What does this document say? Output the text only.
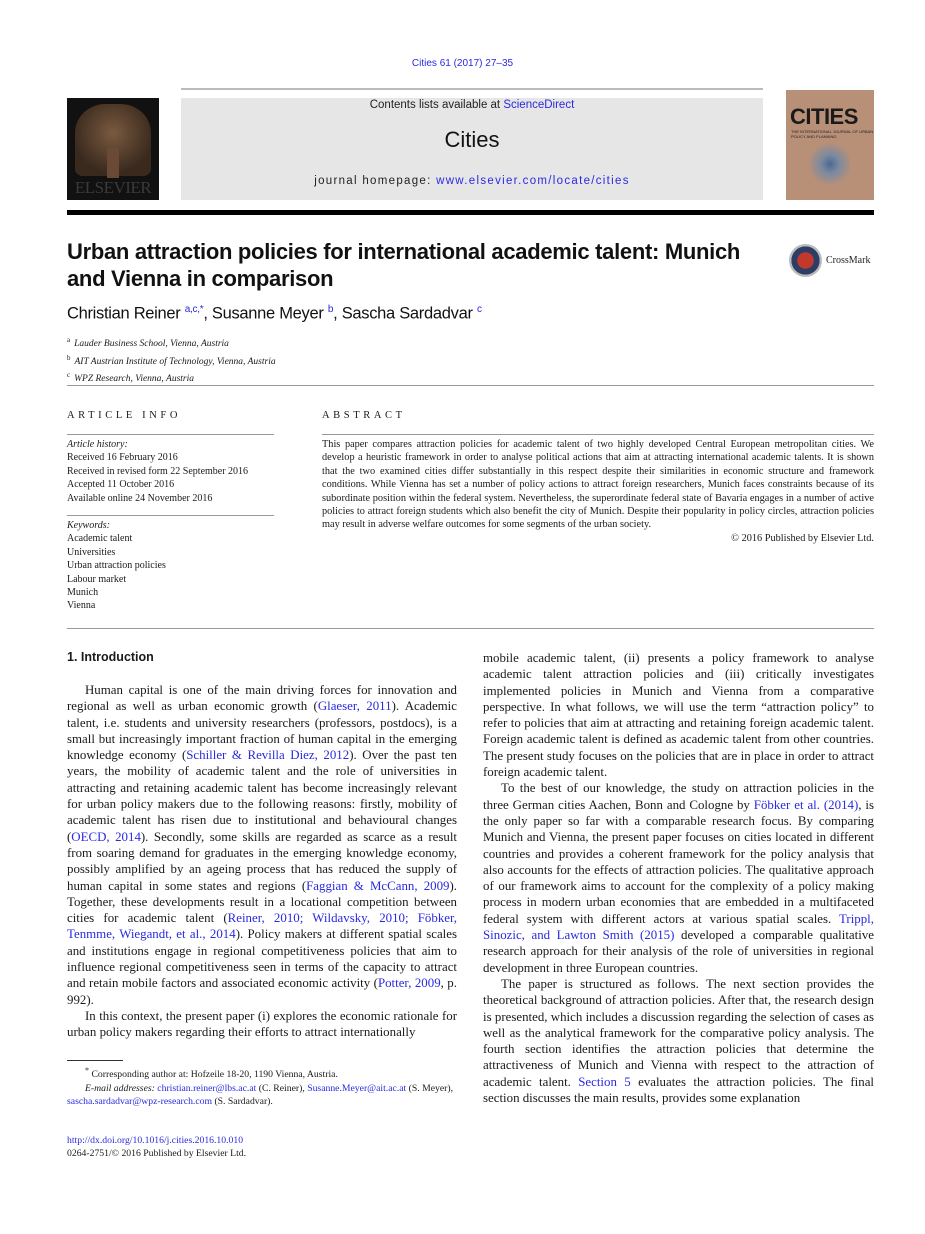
Cities 61 (2017) 27–35
ELSEVIER
Contents lists available at ScienceDirect
Cities
journal homepage: www.elsevier.com/locate/cities
CITIES
THE INTERNATIONAL JOURNAL OF URBAN POLICY AND PLANNING
Urban attraction policies for international academic talent: Munich and Vienna in comparison
CrossMark
Christian Reiner $^{a,c,*}$, Susanne Meyer $^b$, Sascha Sardadvar $^c$
$^a$ Lauder Business School, Vienna, Austria
$^b$ AIT Austrian Institute of Technology, Vienna, Austria
$^c$ WPZ Research, Vienna, Austria
ARTICLE INFO	ABSTRACT
Article history:
Received 16 February 2016
Received in revised form 22 September 2016
Accepted 11 October 2016
Available online 24 November 2016
Keywords:
Academic talent
Universities
Urban attraction policies
Labour market
Munich
Vienna

This paper compares attraction policies for academic talent of two highly developed Central European metropolitan cities. We develop a heuristic framework in order to analyse political actions that aim at attracting international academic talents. It is shown that the two examined cities differ substantially in this respect despite their similarities in economic structure and framework conditions. While Vienna has set a number of policy actions to attract foreign researchers, Munich faces constraints because of its subordinate position within the federal system. Nevertheless, the superordinate federal state of Bavaria engages in a number of active policies to attract foreign students which also benefit the city of Munich. Despite their popularity in policy circles, attraction policies may result in adverse welfare outcomes for some segments of the urban society.

© 2016 Published by Elsevier Ltd.

1. Introduction

Human capital is one of the main driving forces for innovation and regional as well as urban economic growth (Glaeser, 2011). Academic talent, i.e. students and university researchers (professors, postdocs), is a small but increasingly important fraction of human capital in the emerging knowledge economy (Schiller & Revilla Diez, 2012). Over the past ten years, the mobility of academic talent and the role of universities in attracting and retaining academic talent has become increasingly relevant for urban policy makers due to the following reasons: firstly, mobility of academic talent has risen due to institutional and behavioural changes (OECD, 2014). Secondly, some skills are regarded as scarce as a result from soaring demand for graduates in the emerging knowledge economy, possibly amplified by an ageing process that has reduced the supply of human capital in some states and regions (Faggian & McCann, 2009). Together, these developments result in a locational competition between cities for academic talent (Reiner, 2010; Wildavsky, 2010; Föbker, Tenmme, Wiegandt, et al., 2014). Policy makers at different spatial scales and institutions engage in regional competitiveness policies that aim to influence regional competitiveness seen in terms of the capacity to attract and retain mobile factors and associated economic activity (Potter, 2009, p. 992).

In this context, the present paper (i) explores the economic rationale for urban policy makers regarding their efforts to attract internationally

mobile academic talent, (ii) presents a policy framework to analyse academic talent attraction policies and (iii) critically investigates implemented policies in Munich and Vienna from a comparative perspective. In what follows, we will use the term “attraction policy” to refer to policies that aim at attracting and retaining foreign academic talent. Foreign academic talent is defined as academic talent from other countries. The present study focuses on the policies that are in place in order to attract foreign academic talent.

To the best of our knowledge, the study on attraction policies in the three German cities Aachen, Bonn and Cologne by Föbker et al. (2014), is the only paper so far with a comparable research focus. By comparing Munich and Vienna, the present paper focuses on cities located in different countries and provides a coherent framework for the policy analysis that also accounts for the effects of attraction policies. The qualitative approach of our framework aims to account for the complexity of a policy making process in modern urban economies that are embedded in a multifaceted federal system with different actors at various spatial scales. Trippl, Sinozic, and Lawton Smith (2015) developed a comparable qualitative research approach for their analysis of the role of universities in regional development in three European countries.

The paper is structured as follows. The next section provides the theoretical background of attraction policies. After that, the research design is presented, which includes a discussion regarding the selection of cases as well as the analytical framework for the comparative policy analysis. The fourth section identifies the attraction policies that determine the attractiveness of Munich and Vienna with respect to the attraction of academic talent. Section 5 evaluates the attraction policies. The final section discusses the main results, provides some explanation

* Corresponding author at: Hofzeile 18-20, 1190 Vienna, Austria.
E-mail addresses: christian.reiner@lbs.ac.at (C. Reiner), Susanne.Meyer@ait.ac.at (S. Meyer), sascha.sardadvar@wpz-research.com (S. Sardadvar).
http://dx.doi.org/10.1016/j.cities.2016.10.010
0264-2751/© 2016 Published by Elsevier Ltd.
